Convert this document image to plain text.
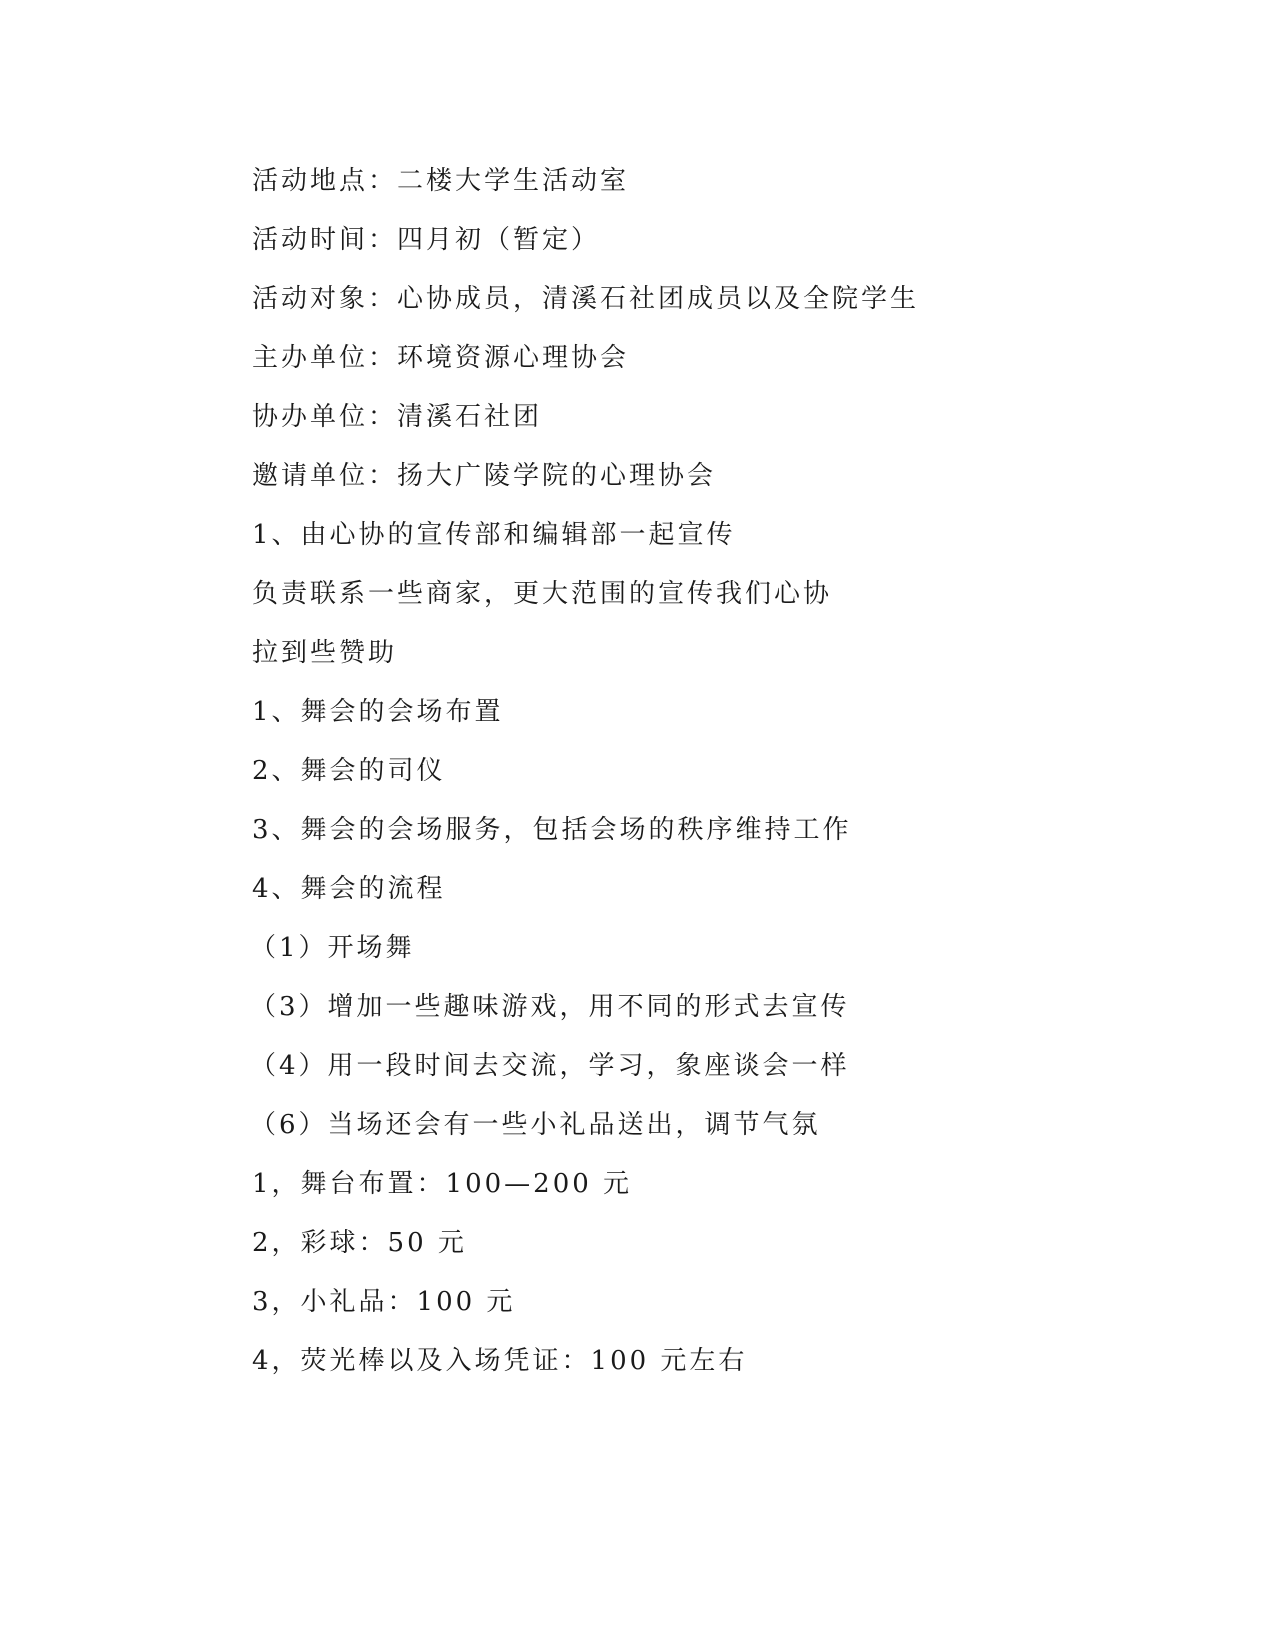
活动地点：二楼大学生活动室
活动时间：四月初（暂定）
活动对象：心协成员，清溪石社团成员以及全院学生
主办单位：环境资源心理协会
协办单位：清溪石社团
邀请单位：扬大广陵学院的心理协会
1、由心协的宣传部和编辑部一起宣传
负责联系一些商家，更大范围的宣传我们心协
拉到些赞助
1、舞会的会场布置
2、舞会的司仪
3、舞会的会场服务，包括会场的秩序维持工作
4、舞会的流程
（1）开场舞
（3）增加一些趣味游戏，用不同的形式去宣传
（4）用一段时间去交流，学习，象座谈会一样
（6）当场还会有一些小礼品送出，调节气氛
1，舞台布置：100—200 元
2，彩球：50 元
3，小礼品：100 元
4，荧光棒以及入场凭证：100 元左右
